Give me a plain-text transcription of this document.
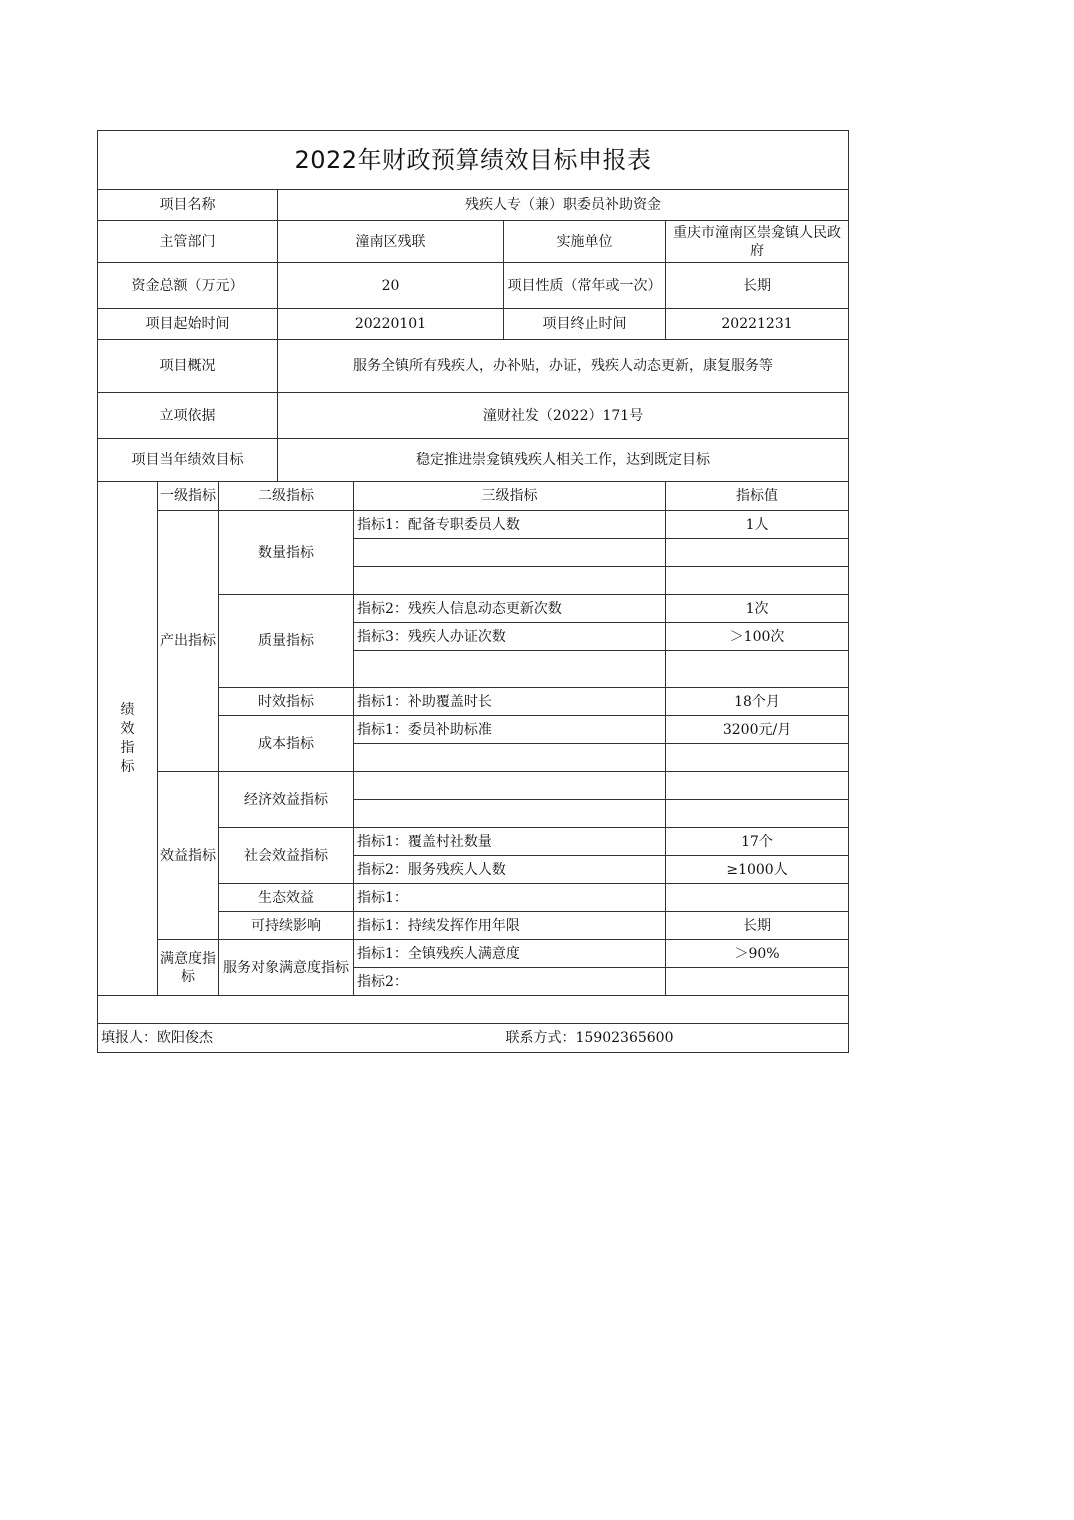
2022年财政预算绩效目标申报表						
项目名称			残疾人专（兼）职委员补助资金			
主管部门			潼南区残联		实施单位	重庆市潼南区崇龛镇人民政府
资金总额（万元）			20		项目性质（常年或一次）	长期
项目起始时间			20220101		项目终止时间	20221231
项目概况			服务全镇所有残疾人，办补贴，办证，残疾人动态更新，康复服务等			
立项依据			潼财社发（2022）171号			
项目当年绩效目标			稳定推进崇龛镇残疾人相关工作，达到既定目标			
绩效指标	一级指标	二级指标		三级指标		指标值
	产出指标	数量指标		指标1：配备专职委员人数		1人

		质量指标		指标2：残疾人信息动态更新次数		1次
				指标3：残疾人办证次数		＞100次

		时效指标		指标1：补助覆盖时长		18个月
		成本指标		指标1：委员补助标准		3200元/月

	效益指标	经济效益指标				

		社会效益指标		指标1：覆盖村社数量		17个
				指标2：服务残疾人人数		≥1000人
		生态效益		指标1：		
		可持续影响		指标1：持续发挥作用年限		长期
	满意度指标	服务对象满意度指标		指标1：全镇残疾人满意度		＞90%
				指标2：		

填报人：欧阳俊杰					联系方式：15902365600	
